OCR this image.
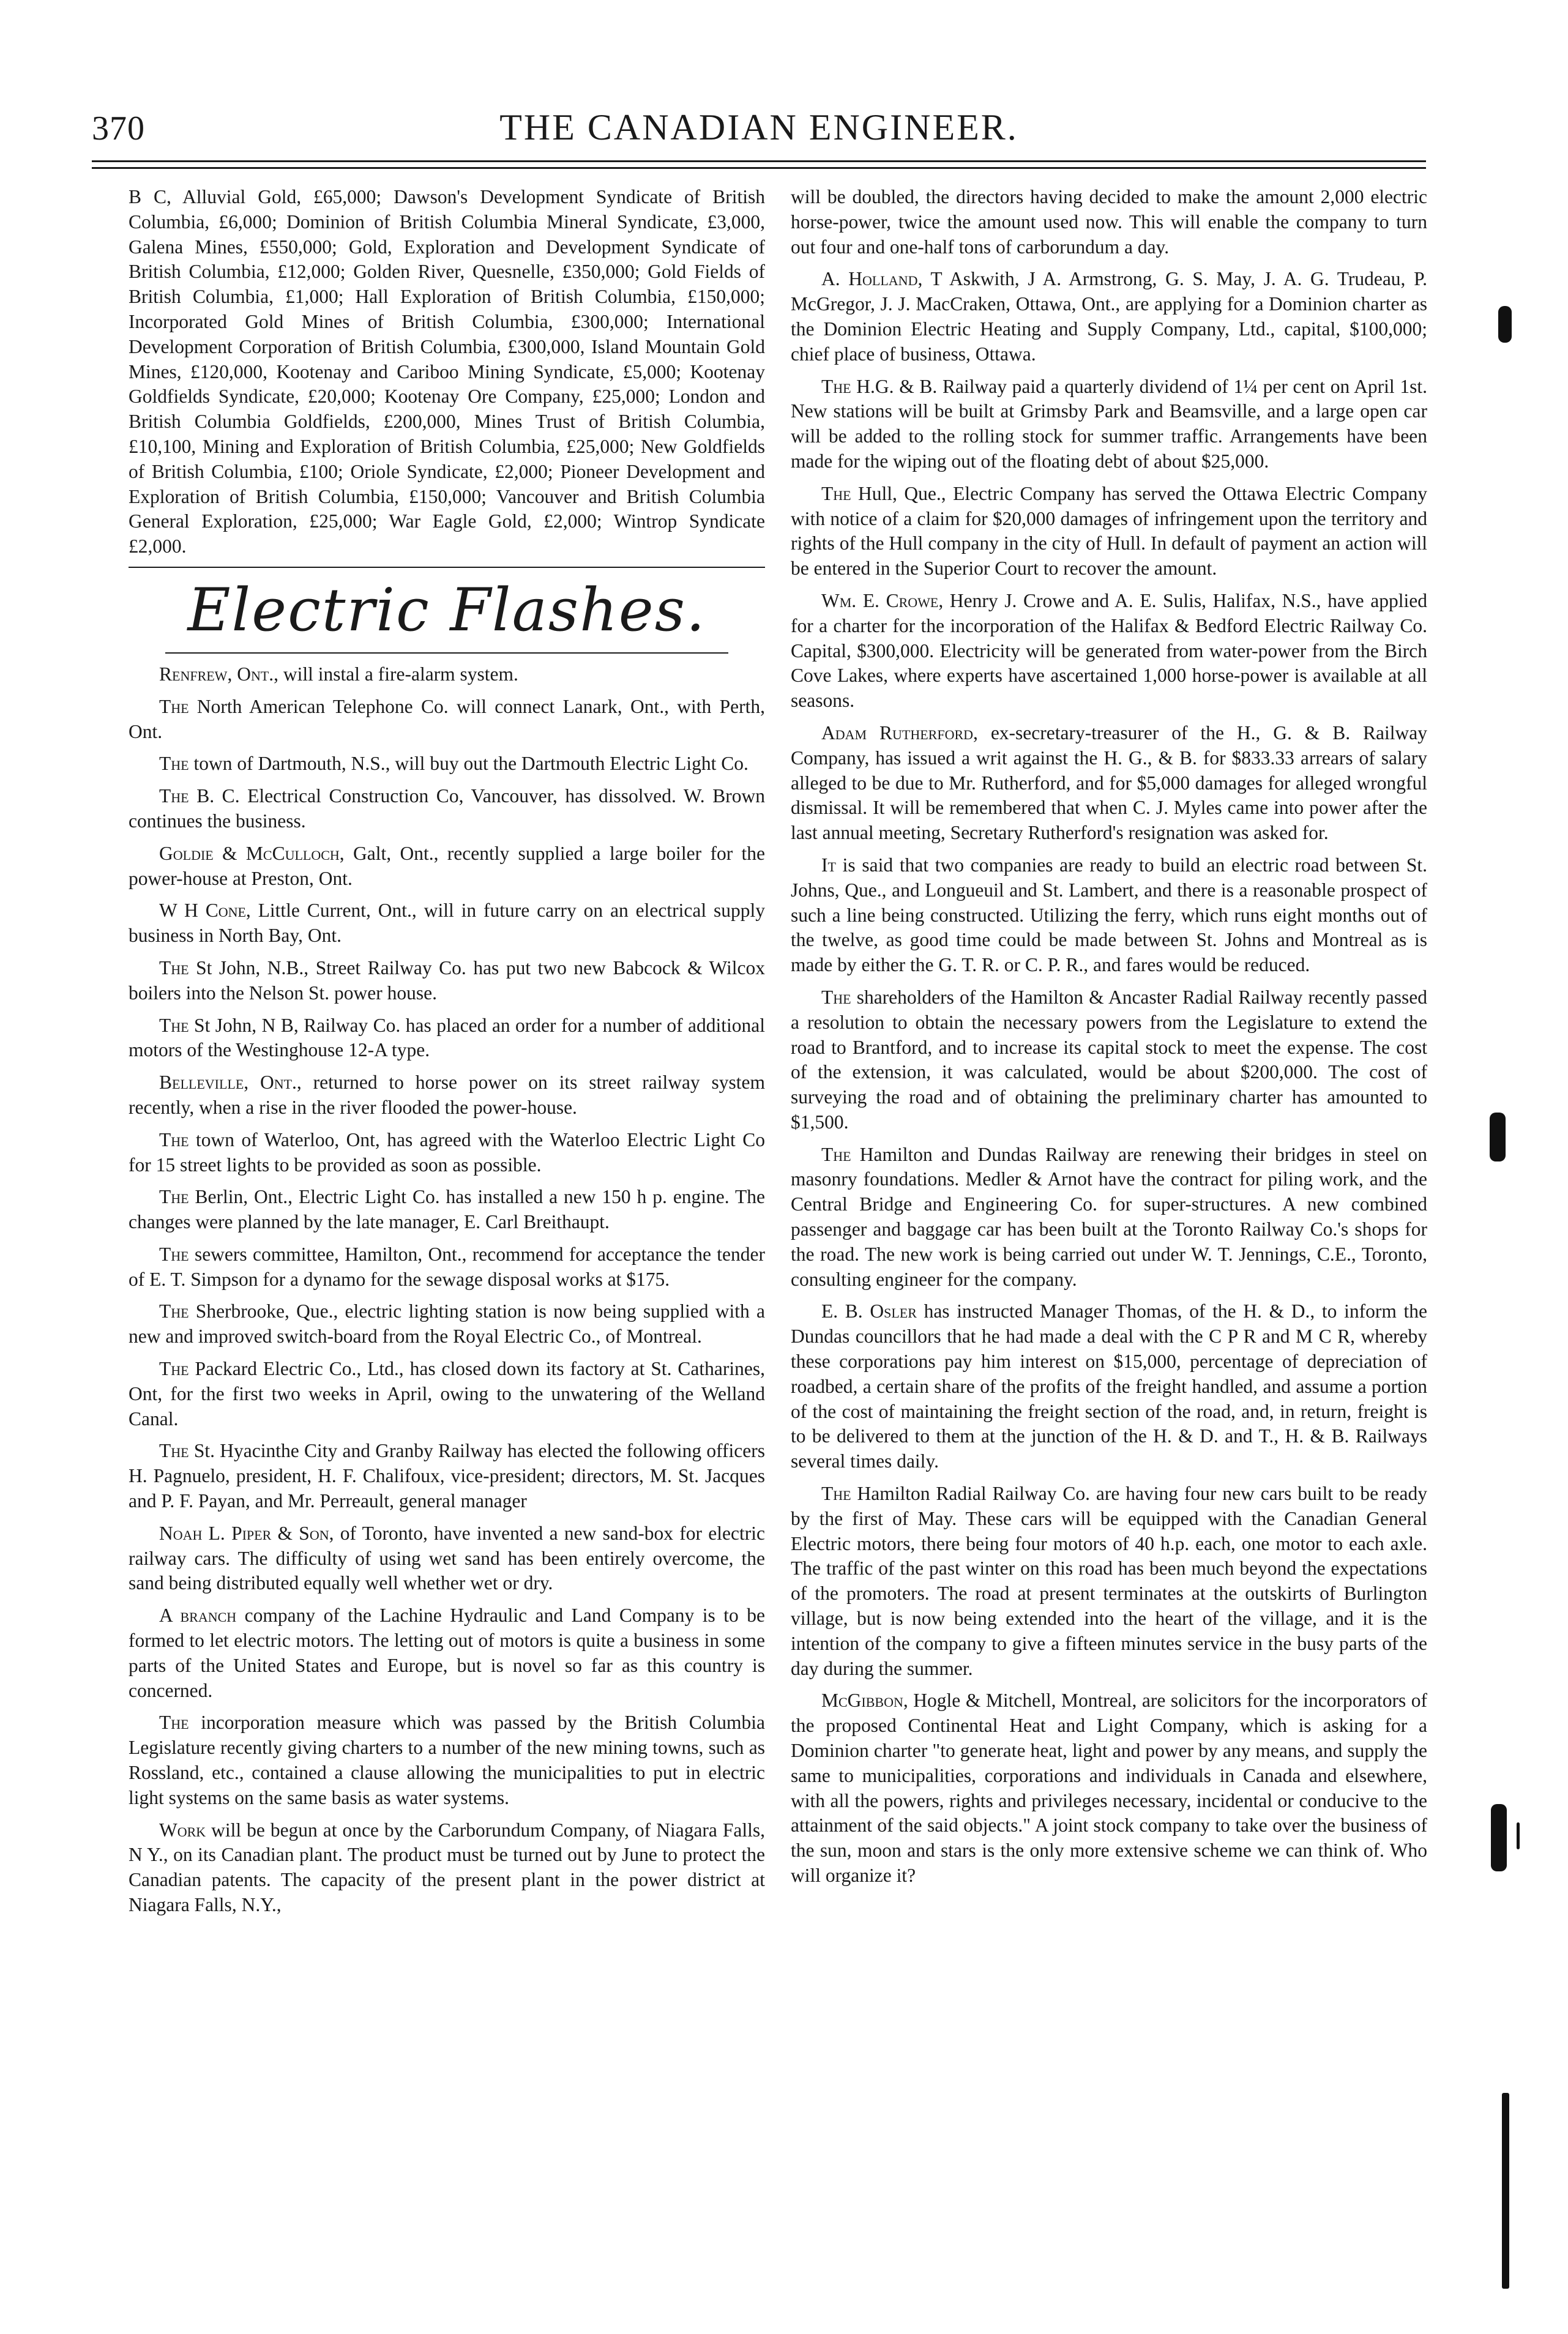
370	THE CANADIAN ENGINEER.

B C, Alluvial Gold, £65,000; Dawson's Development Syndicate of British Columbia, £6,000; Dominion of British Columbia Mineral Syndicate, £3,000, Galena Mines, £550,000; Gold, Exploration and Development Syndicate of British Columbia, £12,000; Golden River, Quesnelle, £350,000; Gold Fields of British Columbia, £1,000; Hall Exploration of British Columbia, £150,000; Incorporated Gold Mines of British Columbia, £300,000; International Development Corporation of British Columbia, £300,000, Island Mountain Gold Mines, £120,000, Kootenay and Cariboo Mining Syndicate, £5,000; Kootenay Goldfields Syndicate, £20,000; Kootenay Ore Company, £25,000; London and British Columbia Goldfields, £200,000, Mines Trust of British Columbia, £10,100, Mining and Exploration of British Columbia, £25,000; New Goldfields of British Columbia, £100; Oriole Syndicate, £2,000; Pioneer Development and Exploration of British Columbia, £150,000; Vancouver and British Columbia General Exploration, £25,000; War Eagle Gold, £2,000; Wintrop Syndicate £2,000.

Electric Flashes.

Renfrew, Ont., will instal a fire-alarm system.

The North American Telephone Co. will connect Lanark, Ont., with Perth, Ont.

The town of Dartmouth, N.S., will buy out the Dartmouth Electric Light Co.

The B. C. Electrical Construction Co, Vancouver, has dissolved. W. Brown continues the business.

Goldie & McCulloch, Galt, Ont., recently supplied a large boiler for the power-house at Preston, Ont.

W H Cone, Little Current, Ont., will in future carry on an electrical supply business in North Bay, Ont.

The St John, N.B., Street Railway Co. has put two new Babcock & Wilcox boilers into the Nelson St. power house.

The St John, N B, Railway Co. has placed an order for a number of additional motors of the Westinghouse 12-A type.

Belleville, Ont., returned to horse power on its street railway system recently, when a rise in the river flooded the power-house.

The town of Waterloo, Ont, has agreed with the Waterloo Electric Light Co for 15 street lights to be provided as soon as possible.

The Berlin, Ont., Electric Light Co. has installed a new 150 h p. engine. The changes were planned by the late manager, E. Carl Breithaupt.

The sewers committee, Hamilton, Ont., recommend for acceptance the tender of E. T. Simpson for a dynamo for the sewage disposal works at $175.

The Sherbrooke, Que., electric lighting station is now being supplied with a new and improved switch-board from the Royal Electric Co., of Montreal.

The Packard Electric Co., Ltd., has closed down its factory at St. Catharines, Ont, for the first two weeks in April, owing to the unwatering of the Welland Canal.

The St. Hyacinthe City and Granby Railway has elected the following officers H. Pagnuelo, president, H. F. Chalifoux, vice-president; directors, M. St. Jacques and P. F. Payan, and Mr. Perreault, general manager

Noah L. Piper & Son, of Toronto, have invented a new sand-box for electric railway cars. The difficulty of using wet sand has been entirely overcome, the sand being distributed equally well whether wet or dry.

A branch company of the Lachine Hydraulic and Land Company is to be formed to let electric motors. The letting out of motors is quite a business in some parts of the United States and Europe, but is novel so far as this country is concerned.

The incorporation measure which was passed by the British Columbia Legislature recently giving charters to a number of the new mining towns, such as Rossland, etc., contained a clause allowing the municipalities to put in electric light systems on the same basis as water systems.

Work will be begun at once by the Carborundum Company, of Niagara Falls, N Y., on its Canadian plant. The product must be turned out by June to protect the Canadian patents. The capacity of the present plant in the power district at Niagara Falls, N.Y.,

will be doubled, the directors having decided to make the amount 2,000 electric horse-power, twice the amount used now. This will enable the company to turn out four and one-half tons of carborundum a day.

A. Holland, T Askwith, J A. Armstrong, G. S. May, J. A. G. Trudeau, P. McGregor, J. J. MacCraken, Ottawa, Ont., are applying for a Dominion charter as the Dominion Electric Heating and Supply Company, Ltd., capital, $100,000; chief place of business, Ottawa.

The H.G. & B. Railway paid a quarterly dividend of 1¼ per cent on April 1st. New stations will be built at Grimsby Park and Beamsville, and a large open car will be added to the rolling stock for summer traffic. Arrangements have been made for the wiping out of the floating debt of about $25,000.

The Hull, Que., Electric Company has served the Ottawa Electric Company with notice of a claim for $20,000 damages of infringement upon the territory and rights of the Hull company in the city of Hull. In default of payment an action will be entered in the Superior Court to recover the amount.

Wm. E. Crowe, Henry J. Crowe and A. E. Sulis, Halifax, N.S., have applied for a charter for the incorporation of the Halifax & Bedford Electric Railway Co. Capital, $300,000. Electricity will be generated from water-power from the Birch Cove Lakes, where experts have ascertained 1,000 horse-power is available at all seasons.

Adam Rutherford, ex-secretary-treasurer of the H., G. & B. Railway Company, has issued a writ against the H. G., & B. for $833.33 arrears of salary alleged to be due to Mr. Rutherford, and for $5,000 damages for alleged wrongful dismissal. It will be remembered that when C. J. Myles came into power after the last annual meeting, Secretary Rutherford's resignation was asked for.

It is said that two companies are ready to build an electric road between St. Johns, Que., and Longueuil and St. Lambert, and there is a reasonable prospect of such a line being constructed. Utilizing the ferry, which runs eight months out of the twelve, as good time could be made between St. Johns and Montreal as is made by either the G. T. R. or C. P. R., and fares would be reduced.

The shareholders of the Hamilton & Ancaster Radial Railway recently passed a resolution to obtain the necessary powers from the Legislature to extend the road to Brantford, and to increase its capital stock to meet the expense. The cost of the extension, it was calculated, would be about $200,000. The cost of surveying the road and of obtaining the preliminary charter has amounted to $1,500.

The Hamilton and Dundas Railway are renewing their bridges in steel on masonry foundations. Medler & Arnot have the contract for piling work, and the Central Bridge and Engineering Co. for super-structures. A new combined passenger and baggage car has been built at the Toronto Railway Co.'s shops for the road. The new work is being carried out under W. T. Jennings, C.E., Toronto, consulting engineer for the company.

E. B. Osler has instructed Manager Thomas, of the H. & D., to inform the Dundas councillors that he had made a deal with the C P R and M C R, whereby these corporations pay him interest on $15,000, percentage of depreciation of roadbed, a certain share of the profits of the freight handled, and assume a portion of the cost of maintaining the freight section of the road, and, in return, freight is to be delivered to them at the junction of the H. & D. and T., H. & B. Railways several times daily.

The Hamilton Radial Railway Co. are having four new cars built to be ready by the first of May. These cars will be equipped with the Canadian General Electric motors, there being four motors of 40 h.p. each, one motor to each axle. The traffic of the past winter on this road has been much beyond the expectations of the promoters. The road at present terminates at the outskirts of Burlington village, but is now being extended into the heart of the village, and it is the intention of the company to give a fifteen minutes service in the busy parts of the day during the summer.

McGibbon, Hogle & Mitchell, Montreal, are solicitors for the incorporators of the proposed Continental Heat and Light Company, which is asking for a Dominion charter "to generate heat, light and power by any means, and supply the same to municipalities, corporations and individuals in Canada and elsewhere, with all the powers, rights and privileges necessary, incidental or conducive to the attainment of the said objects." A joint stock company to take over the business of the sun, moon and stars is the only more extensive scheme we can think of. Who will organize it?
